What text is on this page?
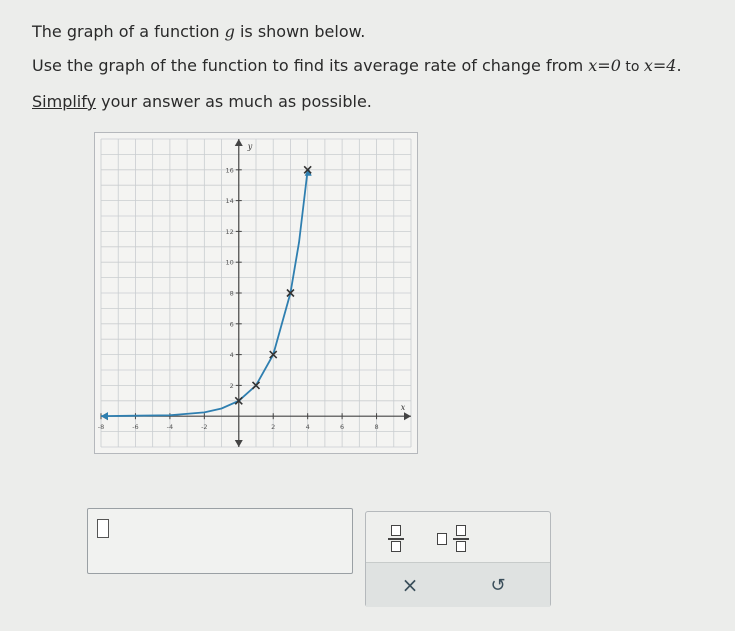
The graph of a function g is shown below.
Use the graph of the function to find its average rate of change from x=0 to x=4.
Simplify your answer as much as possible.
x
y
-8	-6	-4	-2	2	4	6	8
2
4
6
8
10
12
14
16
×	↺
